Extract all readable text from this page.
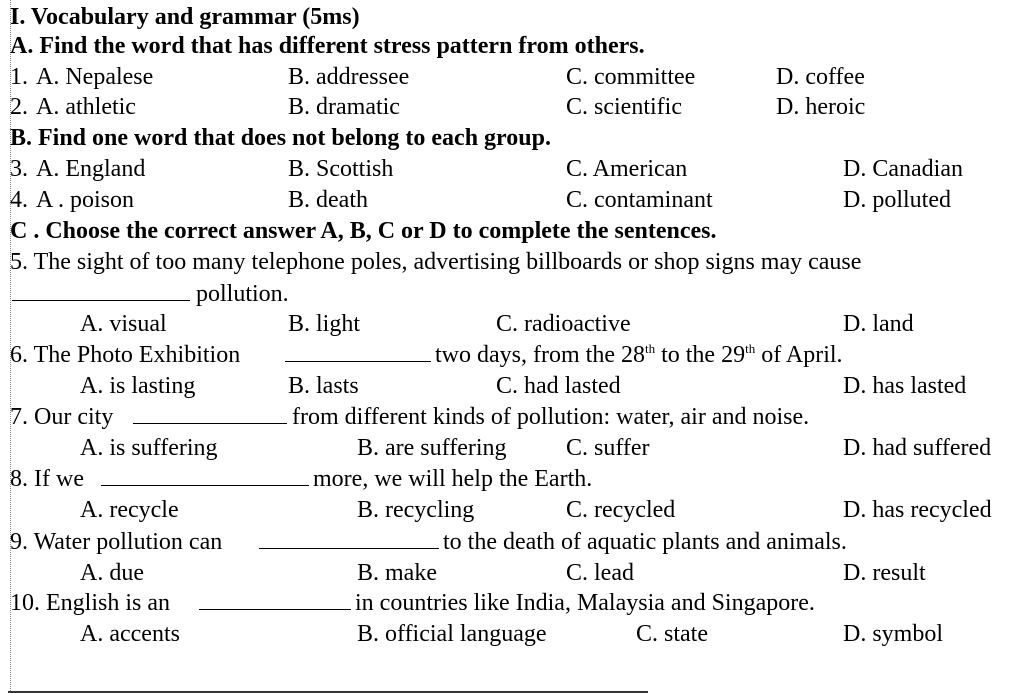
I. Vocabulary and grammar (5ms)
A. Find the word that has different stress pattern from others.
1. A. Nepalese	B. addressee	C. committee	D. coffee
2. A. athletic	B. dramatic	C. scientific	D. heroic
B. Find one word that does not belong to each group.
3. A. England	B. Scottish	C. American	D. Canadian
4. A . poison	B. death	C. contaminant	D. polluted
C . Choose the correct answer A, B, C or D to complete the sentences.
5. The sight of too many telephone poles, advertising billboards or shop signs may cause
pollution.
A. visual	B. light	C. radioactive	D. land
6. The Photo Exhibition	two days, from the 28th to the 29th of April.
A. is lasting	B. lasts	C. had lasted	D. has lasted
7. Our city	from different kinds of pollution: water, air and noise.
A. is suffering	B. are suffering C. suffer	D. had suffered
8. If we	more, we will help the Earth.
A. recycle	B. recycling	C. recycled	D. has recycled
9. Water pollution can	to the death of aquatic plants and animals.
A. due	B. make	C. lead	D. result
10. English is an	in countries like India, Malaysia and Singapore.
A. accents	B. official language	C. state	D. symbol
